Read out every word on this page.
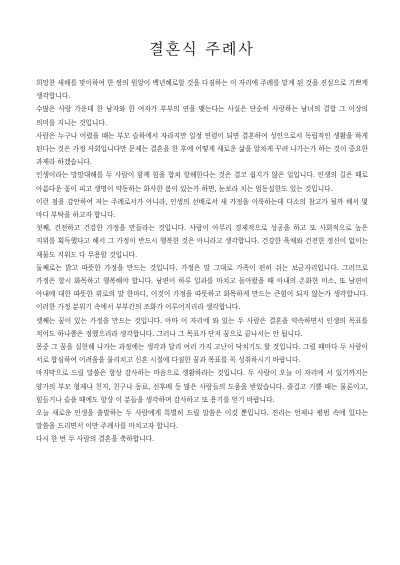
결혼식 주례사

희망찬 새해를 맞이하여 한 쌍의 원앙이 백년해로할 것을 다짐하는 이 자리에 주례를 맡게 된 것을 진심으로 기쁘게 생각합니다.

수많은 사람 가운데 한 남자와 한 여자가 부부의 연을 맺는다는 사실은 단순히 사랑하는 남녀의 결합 그 이상의 의미를 지니는 것입니다.

사람은 누구나 어렸을 때는 부모 슬하에서 자라지만 일정 연령이 되면 결혼하여 성인으로서 독립적인 생활을 하게 된다는 것은 가정 사회입니다만 문제는 결혼을 한 후에 어떻게 새로운 삶을 알차게 꾸려 나가는가 하는 것이 중요한 과제라 하겠습니다.

인생이라는 망망대해를 두 사람이 함께 힘을 합쳐 항해한다는 것은 결코 쉽지가 않은 일입니다. 인생의 길은 때로 아름다운 꽃이 피고 생명이 약동하는 화사한 봄이 있는가 하면, 눈보라 치는 엄동설한도 있는 것입니다.

이런 점을 감안하여 저는 주례로서가 아니라, 인생의 선배로서 새 가정을 이룩하는데 다소의 참고가 될까 해서 몇 마디 부탁을 하고자 합니다.

첫째, 건전하고 건강한 가정을 만들라는 것입니다. 사람이 아무리 경제적으로 성공을 하고 또 사회적으로 높은 지위를 획득했다고 해서 그 가정이 반드시 행복한 것은 아니라고 생각합니다. 건강한 육체와 건전한 정신이 없이는 재물도 지위도 다 무용할 것입니다.

둘째로는 밝고 따뜻한 가정을 만드는 것입니다. 가정은 말 그대로 가족이 편히 쉬는 보금자리입니다. 그러므로 가정은 항시 화목하고 행복해야 합니다. 남편이 하루 일과를 마치고 돌아왔을 때 아내의 온화한 미소, 또 남편이 아내에 대한 따뜻한 위로의 말 한마디, 이것이 가정을 따뜻하고 화목하게 만드는 큰힘이 되지 않는가 생각합니다. 이러한 가정 분위기 속에서 부부간의 조화가 이루어지리라 생각합니다.

셋째는 꿈이 있는 가정을 만드는 것입니다. 아마 이 자리에 와 있는 두 사람은 결혼을 약속하면서 인생의 목표를 적어도 하나쯤은 정했으리라 생각합니다. 그러나 그 목표가 단지 꿈으로 끝나서는 안 됩니다.

몽중 그 꿈을 실현해 나가는 과정에는 생각과 달리 여러 가지 고난이 닥치기도 할 것입니다. 그럴 때마다 두 사람이 서로 합심하여 어려움을 물리치고 신혼 시절에 다짐한 꿈과 목표를 꼭 성취하시기 바랍니다.

마지막으로 드릴 말씀은 항상 감사하는 마음으로 생활하라는 것입니다. 두 사람이 오늘 이 자리에 서 있기까지는 양가의 부모 형제나 친지, 친구나 동료, 선후배 등 많은 사람들의 도움을 받았습니다. 즐겁고 기쁠 때는 물론이고, 힘들거나 슬플 때에도 항상 이 분들을 생각하며 감사하고 또 용기를 얻기 바랍니다.

오늘 새로운 인생을 출발하는 두 사람에게 특별히 드릴 말씀은 이것 뿐입니다. 진리는 언제나 평범 속에 있다는 말씀을 드리면서 이만 주례사를 마치고자 합니다.

다시 한 번 두 사람의 결혼을 축하합니다.
